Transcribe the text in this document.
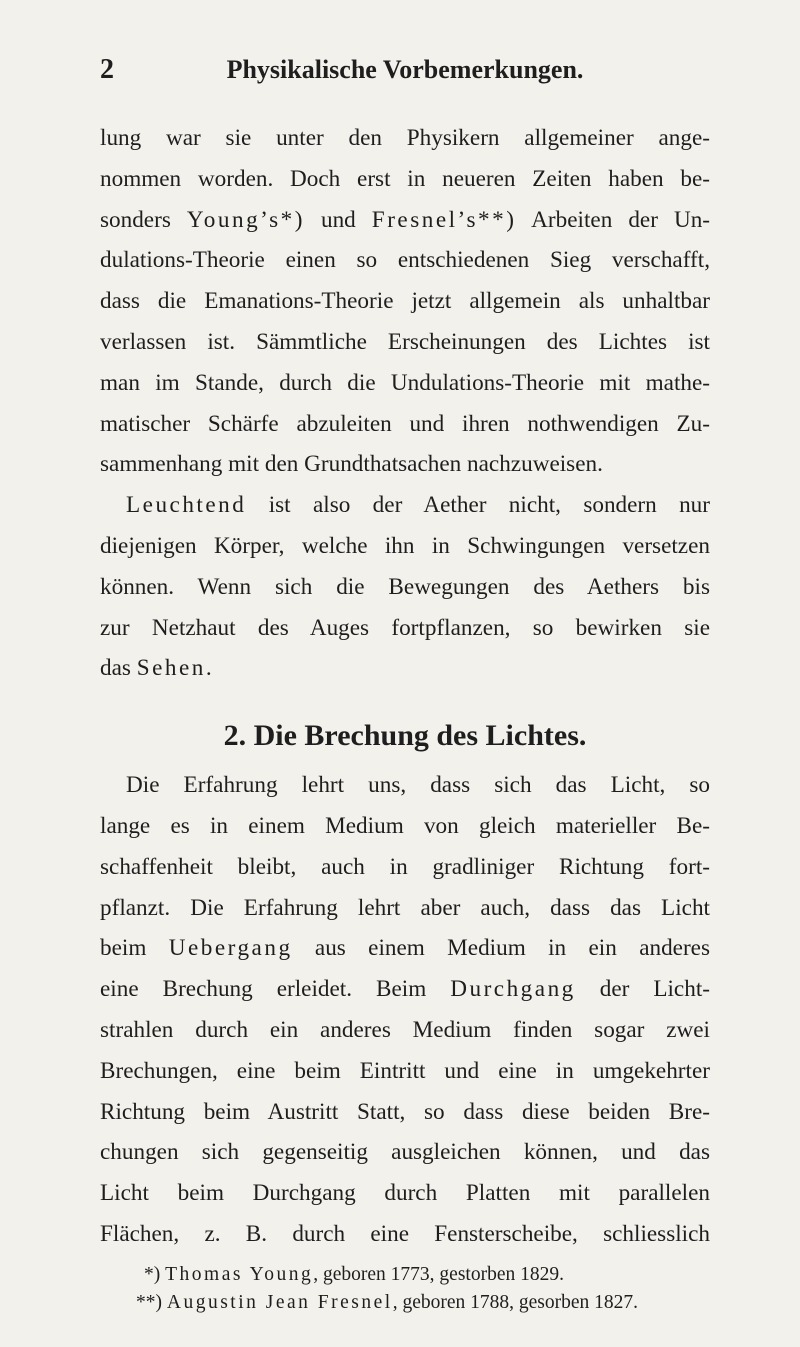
2	Physikalische Vorbemerkungen.
lung war sie unter den Physikern allgemeiner ange-
nommen worden. Doch erst in neueren Zeiten haben be-
sonders Young’s*) und Fresnel’s**) Arbeiten der Un-
dulations-Theorie einen so entschiedenen Sieg verschafft,
dass die Emanations-Theorie jetzt allgemein als unhaltbar
verlassen ist. Sämmtliche Erscheinungen des Lichtes ist
man im Stande, durch die Undulations-Theorie mit mathe-
matischer Schärfe abzuleiten und ihren nothwendigen Zu-
sammenhang mit den Grundthatsachen nachzuweisen.
Leuchtend ist also der Aether nicht, sondern nur
diejenigen Körper, welche ihn in Schwingungen versetzen
können. Wenn sich die Bewegungen des Aethers bis
zur Netzhaut des Auges fortpflanzen, so bewirken sie
das Sehen.
2. Die Brechung des Lichtes.
Die Erfahrung lehrt uns, dass sich das Licht, so
lange es in einem Medium von gleich materieller Be-
schaffenheit bleibt, auch in gradliniger Richtung fort-
pflanzt. Die Erfahrung lehrt aber auch, dass das Licht
beim Uebergang aus einem Medium in ein anderes
eine Brechung erleidet. Beim Durchgang der Licht-
strahlen durch ein anderes Medium finden sogar zwei
Brechungen, eine beim Eintritt und eine in umgekehrter
Richtung beim Austritt Statt, so dass diese beiden Bre-
chungen sich gegenseitig ausgleichen können, und das
Licht beim Durchgang durch Platten mit parallelen
Flächen, z. B. durch eine Fensterscheibe, schliesslich
*) Thomas Young, geboren 1773, gestorben 1829.
**) Augustin Jean Fresnel, geboren 1788, gesorben 1827.
